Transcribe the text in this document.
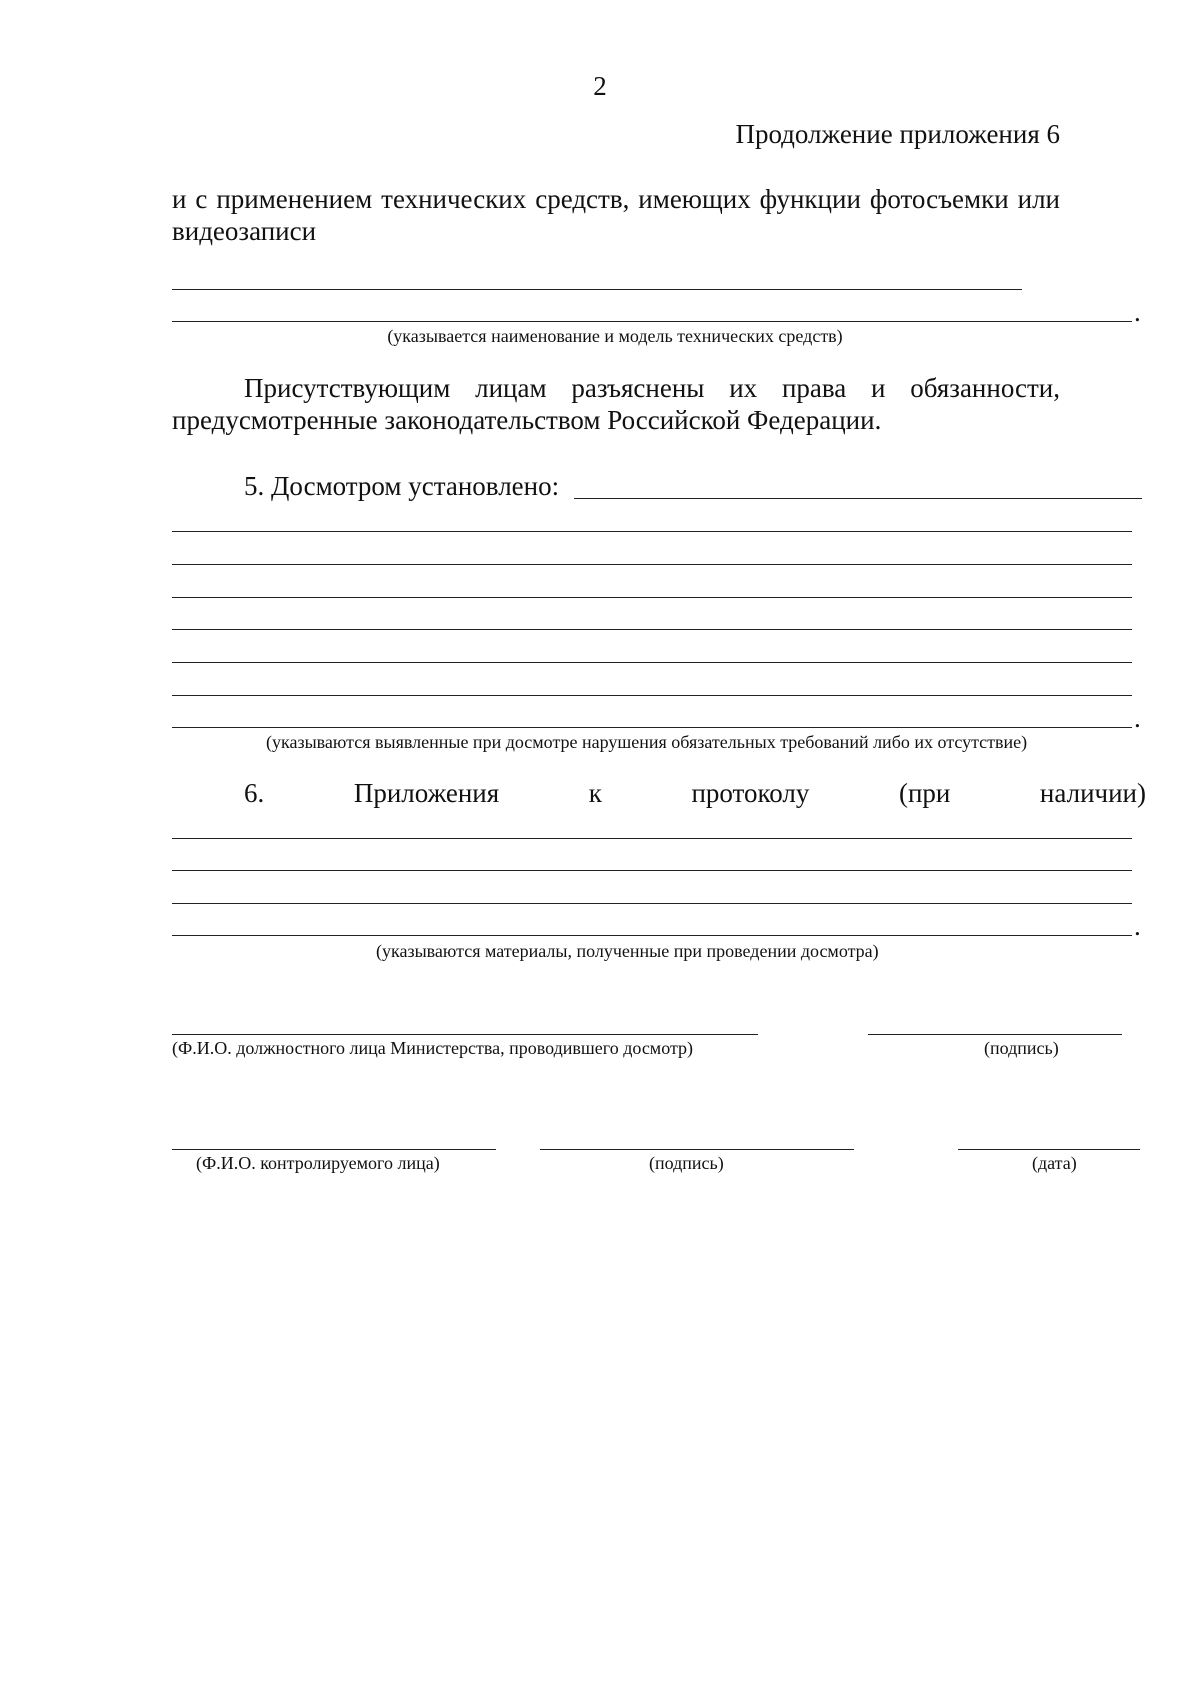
2
Продолжение приложения 6
и с применением технических средств, имеющих функции фотосъемки или
видеозаписи
.
(указывается наименование и модель технических средств)
Присутствующим лицам разъяснены их права и обязанности,
предусмотренные законодательством Российской Федерации.
5. Досмотром установлено:
.
(указываются выявленные при досмотре нарушения обязательных требований либо их отсутствие)
6.	Приложения	к	протоколу	(при	наличии)
.
(указываются материалы, полученные при проведении досмотра)
(Ф.И.О. должностного лица Министерства, проводившего досмотр)	(подпись)
(Ф.И.О. контролируемого лица)	(подпись)	(дата)
